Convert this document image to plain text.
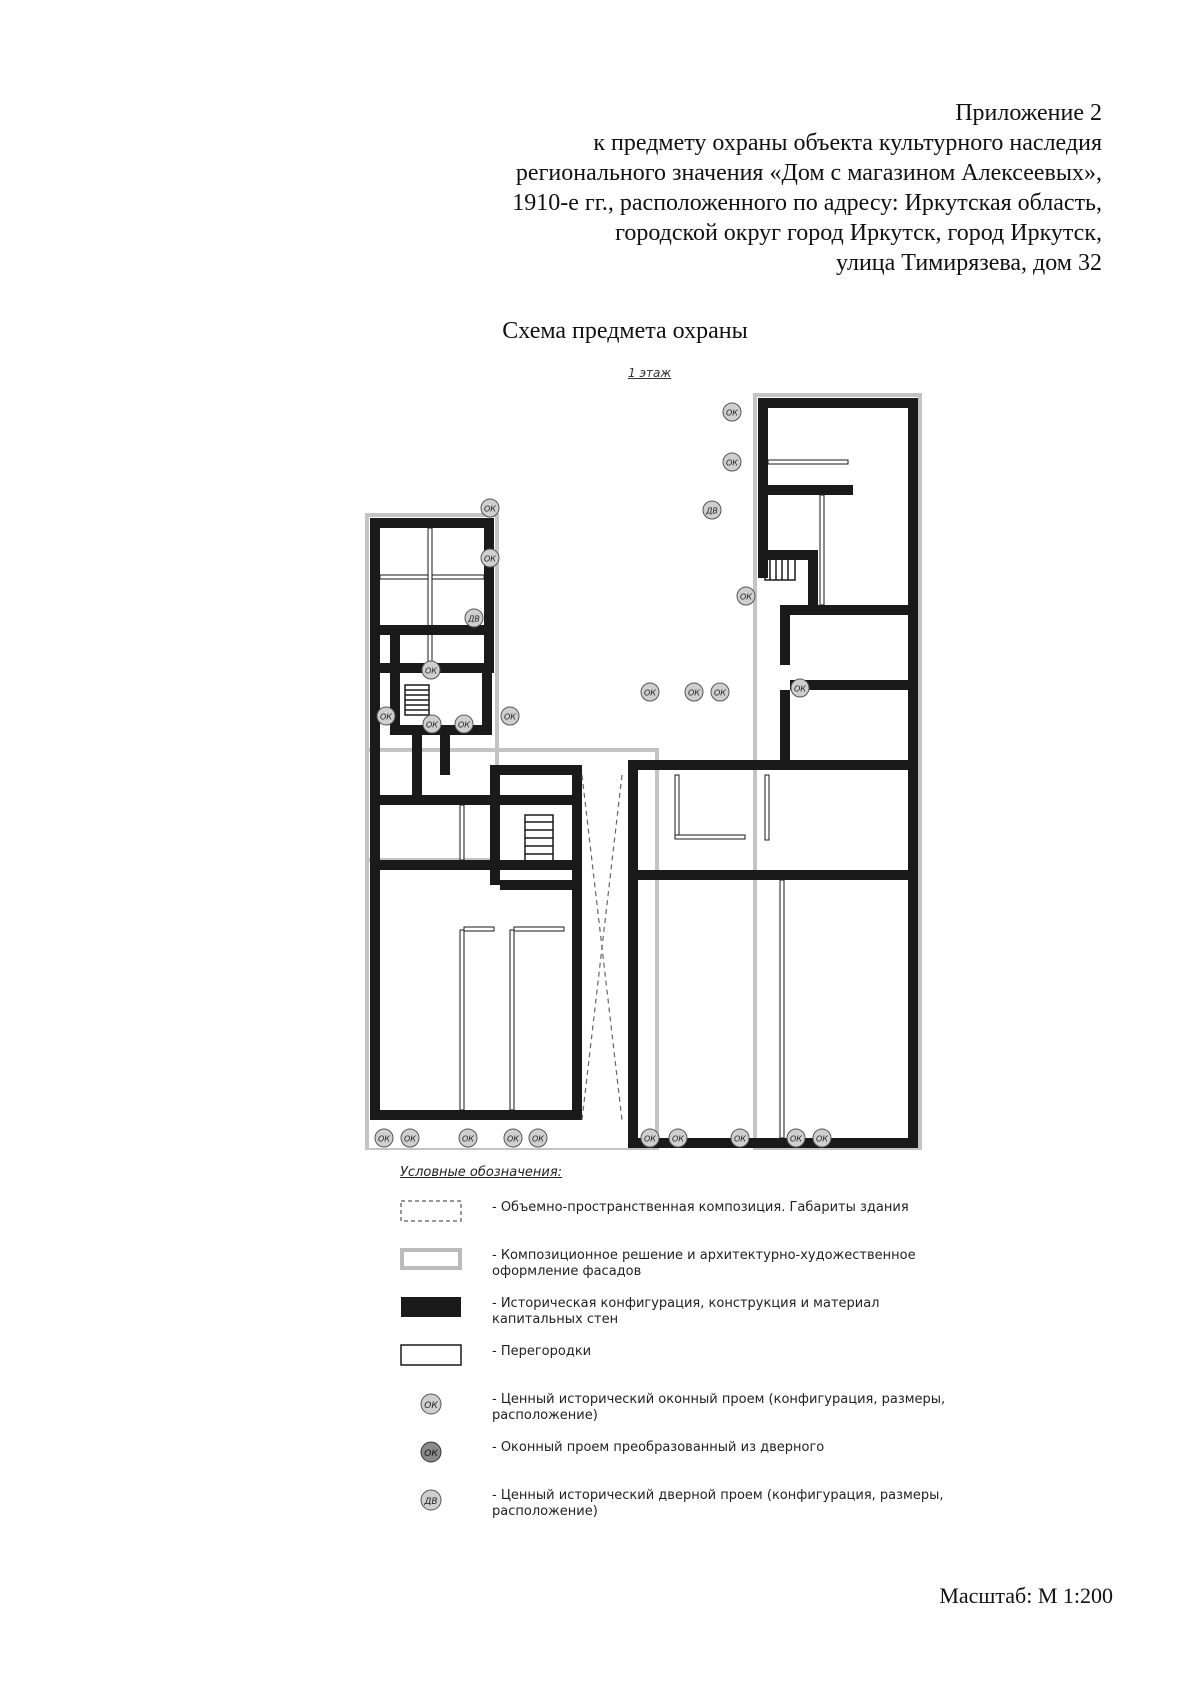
Приложение 2
к предмету охраны объекта культурного наследия
регионального значения «Дом с магазином Алексеевых»,
1910-е гг., расположенного по адресу: Иркутская область,
городской округ город Иркутск, город Иркутск,
улица Тимирязева, дом 32
Схема предмета охраны
1 этаж
ОК
ОК
ДВ
ОК
ОК
ОК	ОК
ОК
ОК ОК	ОК	ОК ОК	ОК ОК	ОК	ОК ОК
ОК
ОК
ДВ
ОК
ОК
ОК	ОК ОК
Условные обозначения:
- Объемно-пространственная композиция. Габариты здания
- Композиционное решение и архитектурно-художественное оформление фасадов
- Историческая конфигурация, конструкция и материал капитальных стен
- Перегородки
ОК	- Ценный исторический оконный проем (конфигурация, размеры, расположение)
ОК	- Оконный проем преобразованный из дверного
ДВ	- Ценный исторический дверной проем (конфигурация, размеры, расположение)
Масштаб: М 1:200
